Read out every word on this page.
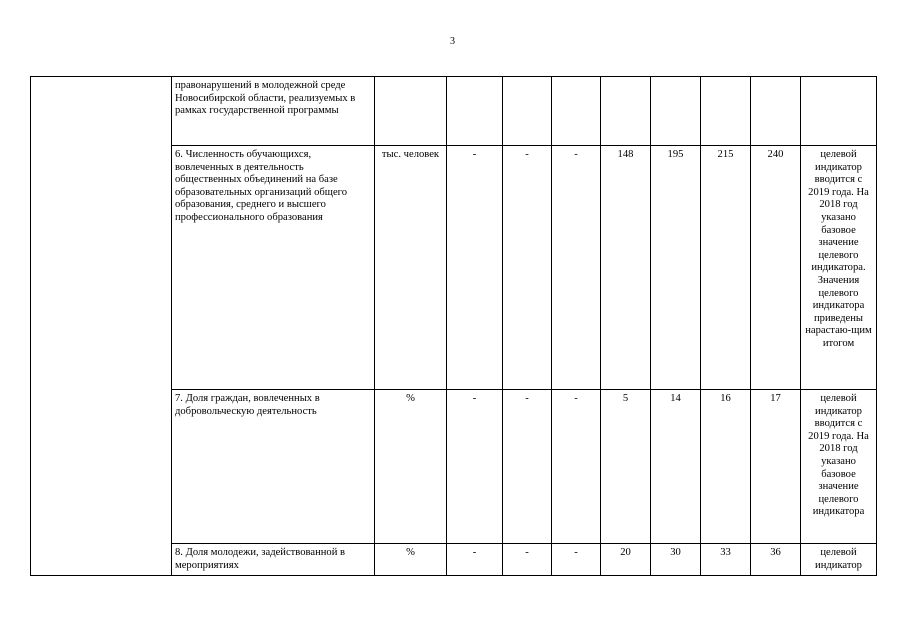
3
	правонарушений в молодежной среде Новосибирской области, реализуемых в рамках государственной программы									
	6. Численность обучающихся, вовлеченных в деятельность общественных объединений на базе образовательных организаций общего образования, среднего и высшего профессионального образования	тыс. человек	-	-	-	148	195	215	240	целевой индикатор вводится с 2019 года. На 2018 год указано базовое значение целевого индикатора. Значения целевого индикатора приведены нарастаю-щим итогом
	7. Доля граждан, вовлеченных в добровольческую деятельность	%	-	-	-	5	14	16	17	целевой индикатор вводится с 2019 года. На 2018 год указано базовое значение целевого индикатора
	8. Доля молодежи, задействованной в мероприятиях	%	-	-	-	20	30	33	36	целевой индикатор
